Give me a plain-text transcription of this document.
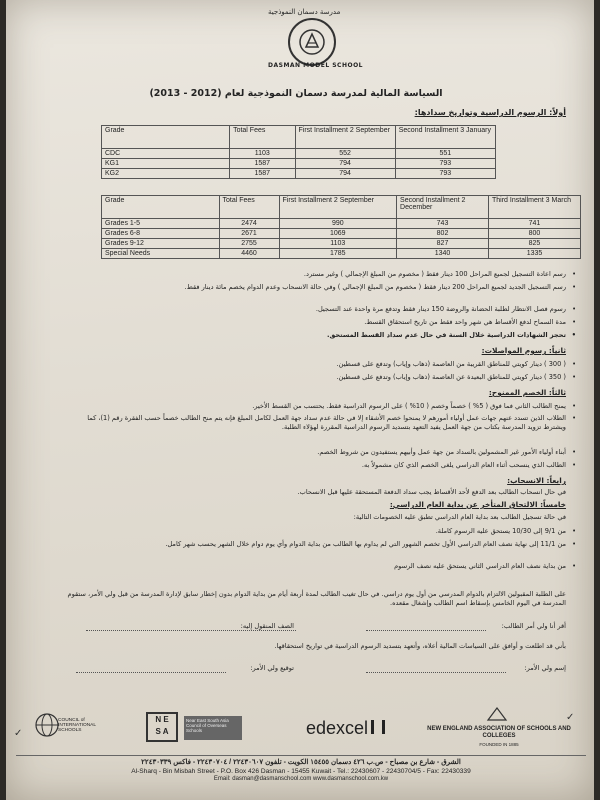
مدرسة دسمان النموذجية
DASMAN MODEL SCHOOL
السياسة المالية لمدرسة دسمان النموذجية لعام (2012 - 2013)
أولاً: الرسوم الدراسية وتواريخ سدادها:
Grade	Total Fees	First Installment 2 September	Second Installment 3 January
CDC	1103	552	551
KG1	1587	794	793
KG2	1587	794	793
Grade	Total Fees	First Installment 2 September	Second Installment 2 December	Third Installment 3 March
Grades 1-5	2474	990	743	741
Grades 6-8	2671	1069	802	800
Grades 9-12	2755	1103	827	825
Special Needs	4460	1785	1340	1335
• رسم اعادة التسجيل لجميع المراحل 100 دينار فقط ( مخصوم من المبلغ الإجمالي ) وغير مسترد.
• رسم التسجيل الجديد لجميع المراحل 200 دينار فقط ( مخصوم من المبلغ الإجمالي ) وفي حالة الانسحاب وعدم الدوام يخصم مائة دينار فقط.
• رسوم فصل الانتظار لطلبة الحضانة والروضة 150 دينار فقط وتدفع مرة واحدة عند التسجيل.
• مدة السماح لدفع الأقساط هي شهر واحد فقط من تاريخ استحقاق القسط.
• تحجز الشهادات الدراسية خلال السنة في حال عدم سداد القسط المستحق.
ثانياً: رسوم المواصلات:
• ( 300 ) دينار كويتي للمناطق القريبة من العاصمة (ذهاب وإياب) وتدفع على قسطين.
• ( 350 ) دينار كويتي للمناطق البعيدة عن العاصمة (ذهاب وإياب) وتدفع على قسطين.
ثالثاً: الخصم الممنوح:
• يمنح الطالب الثاني فما فوق ( 5% ) خصماً وخصم ( 10% ) على الرسوم الدراسية فقط. يحتسب من القسط الأخير.
• الطلاب الذين تسدد عنهم جهات عمل أولياء أمورهم لا يمنحوا خصم الأشقاء إلا في حالة عدم سداد جهة العمل لكامل المبلغ فإنه يتم منح الطالب خصماً حسب الفقرة رقم (1)، كما ويشترط تزويد المدرسة بكتاب من جهة العمل يفيد التعهد بتسديد الرسوم الدراسية المقررة لهؤلاء الطلبة.
• أبناء أولياء الأمور غير المشمولين بالسداد من جهة عمل وأبيهم يستفيدون من شروط الخصم.
• الطالب الذي ينسحب أثناء العام الدراسي يلغى الخصم الذي كان مشمولاً به.
رابعاً: الانسحاب:
في حال انسحاب الطالب بعد الدفع لأحد الأقساط يجب سداد الدفعة المستحقة عليها قبل الانسحاب.
خامساً: الالتحاق المتأخر عن بداية العام الدراسي:
في حالة تسجيل الطالب بعد بداية العام الدراسي تطبق عليه الخصومات التالية:
• من 9/1 إلى 10/30 يستحق عليه الرسوم كاملة.
• من 11/1 إلى نهاية نصف العام الدراسي الأول تخصم الشهور التي لم يداوم بها الطالب من بداية الدوام وأي يوم دوام خلال الشهر يحسب شهر كامل.
• من بداية نصف العام الدراسي الثاني يستحق عليه نصف الرسوم
على الطلبة المقبولين الالتزام بالدوام المدرسي من أول يوم دراسي. في حال تغيب الطالب لمدة أربعة أيام من بداية الدوام بدون إخطار سابق لإدارة المدرسة من قبل ولي الأمر، ستقوم المدرسة في اليوم الخامس بإسقاط اسم الطالب وإشغال مقعده.
أقر أنا ولي أمر الطالب:
الصف المنقول إليه:
بأني قد اطلعت و أوافق على السياسات المالية أعلاه، وأتعهد بتسديد الرسوم الدراسية في تواريخ استحقاقها.
إسم ولي الأمر:
توقيع ولي الأمر:
COUNCIL of INTERNATIONAL SCHOOLS
N E
S A
Near East South Asia Council of Overseas Schools	edexcel	NEW ENGLAND ASSOCIATION OF SCHOOLS AND COLLEGES
FOUNDED IN 1885
✓
✓
الشرق - شارع بن مصباح - ص.ب ٤٢٦ دسمان ١٥٤٥٥ الكويت - تلفون ٢٢٤٣٠٦٠٧ / ٢٢٤٣٠٧٠٤ - فاكس ٢٢٤٣٠٣٣٩
Al-Sharq - Bin Misbah Street - P.O. Box 426 Dasman - 15455 Kuwait - Tel.: 22430607 - 22430704/5 - Fax: 22430339
Email: dasman@dasmanschool.com www.dasmanschool.com.kw
